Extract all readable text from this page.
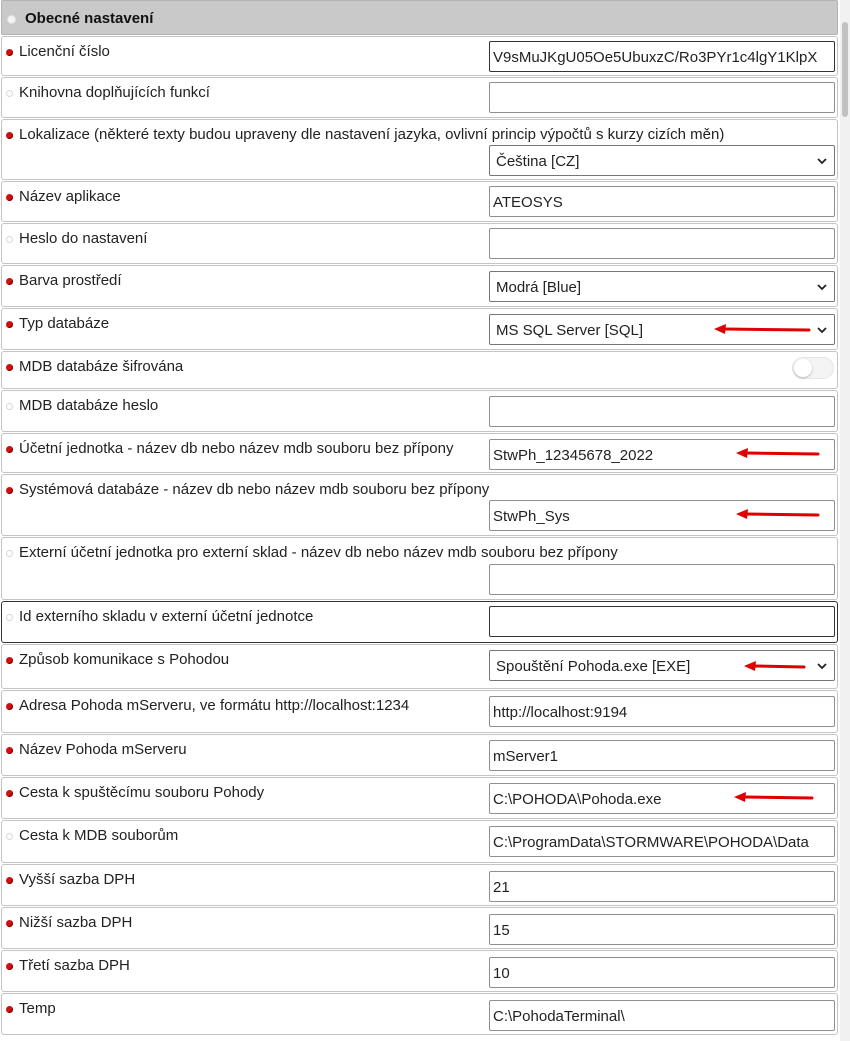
Obecné nastavení
Licenční číslo	V9sMuJKgU05Oe5UbuxzC/Ro3PYr1c4lgY1KlpX
Knihovna doplňujících funkcí
Lokalizace (některé texty budou upraveny dle nastavení jazyka, ovlivní princip výpočtů s kurzy cizích měn)
Čeština [CZ]
Název aplikace	ATEOSYS
Heslo do nastavení
Barva prostředí	Modrá [Blue]
Typ databáze	MS SQL Server [SQL]
MDB databáze šifrována
MDB databáze heslo
Účetní jednotka - název db nebo název mdb souboru bez přípony	StwPh_12345678_2022
Systémová databáze - název db nebo název mdb souboru bez přípony
StwPh_Sys
Externí účetní jednotka pro externí sklad - název db nebo název mdb souboru bez přípony
Id externího skladu v externí účetní jednotce
Způsob komunikace s Pohodou	Spouštění Pohoda.exe [EXE]
Adresa Pohoda mServeru, ve formátu http://localhost:1234	http://localhost:9194
Název Pohoda mServeru	mServer1
Cesta k spuštěcímu souboru Pohody	C:\POHODA\Pohoda.exe
Cesta k MDB souborům	C:\ProgramData\STORMWARE\POHODA\Data
Vyšší sazba DPH	21
Nižší sazba DPH	15
Třetí sazba DPH	10
Temp	C:\PohodaTerminal\
